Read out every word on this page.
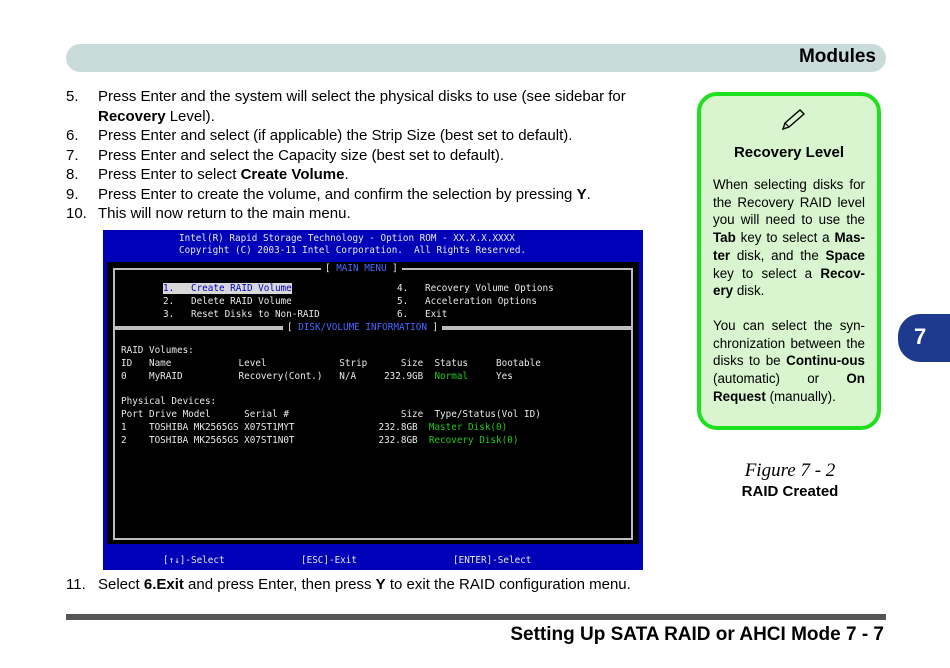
Modules
5.	Press Enter and the system will select the physical disks to use (see sidebar for Recovery Level).
6.	Press Enter and select (if applicable) the Strip Size (best set to default).
7.	Press Enter and select the Capacity size (best set to default).
8.	Press Enter to select Create Volume.
9.	Press Enter to create the volume, and confirm the selection by pressing Y.
10. This will now return to the main menu.
11. Select 6.Exit and press Enter, then press Y to exit the RAID configuration menu.
Intel(R) Rapid Storage Technology - Option ROM - XX.X.X.XXXX
Copyright (C) 2003-11 Intel Corporation.  All Rights Reserved.
[ MAIN MENU ]
1.   Create RAID Volume
2.   Delete RAID Volume
3.   Reset Disks to Non-RAID
4.   Recovery Volume Options
5.   Acceleration Options
6.   Exit
[ DISK/VOLUME INFORMATION ]
RAID Volumes:
ID   Name            Level             Strip      Size  Status     Bootable
0    MyRAID          Recovery(Cont.)   N/A     232.9GB  Normal     Yes
Physical Devices:
Port Drive Model      Serial #                    Size  Type/Status(Vol ID)
1    TOSHIBA MK2565GS X07ST1MYT               232.8GB  Master Disk(0)
2    TOSHIBA MK2565GS X07ST1N0T               232.8GB  Recovery Disk(0)
[↑↓]-Select	[ESC]-Exit	[ENTER]-Select
Recovery Level

When selecting disks for the Recovery RAID level you will need to use the Tab key to select a Mas-ter disk, and the Space key to select a Recov-ery disk.

You can select the syn-chronization between the disks to be Continu-ous (automatic) or On Request (manually).

Figure 7 - 2
RAID Created
7
Setting Up SATA RAID or AHCI Mode 7 - 7
